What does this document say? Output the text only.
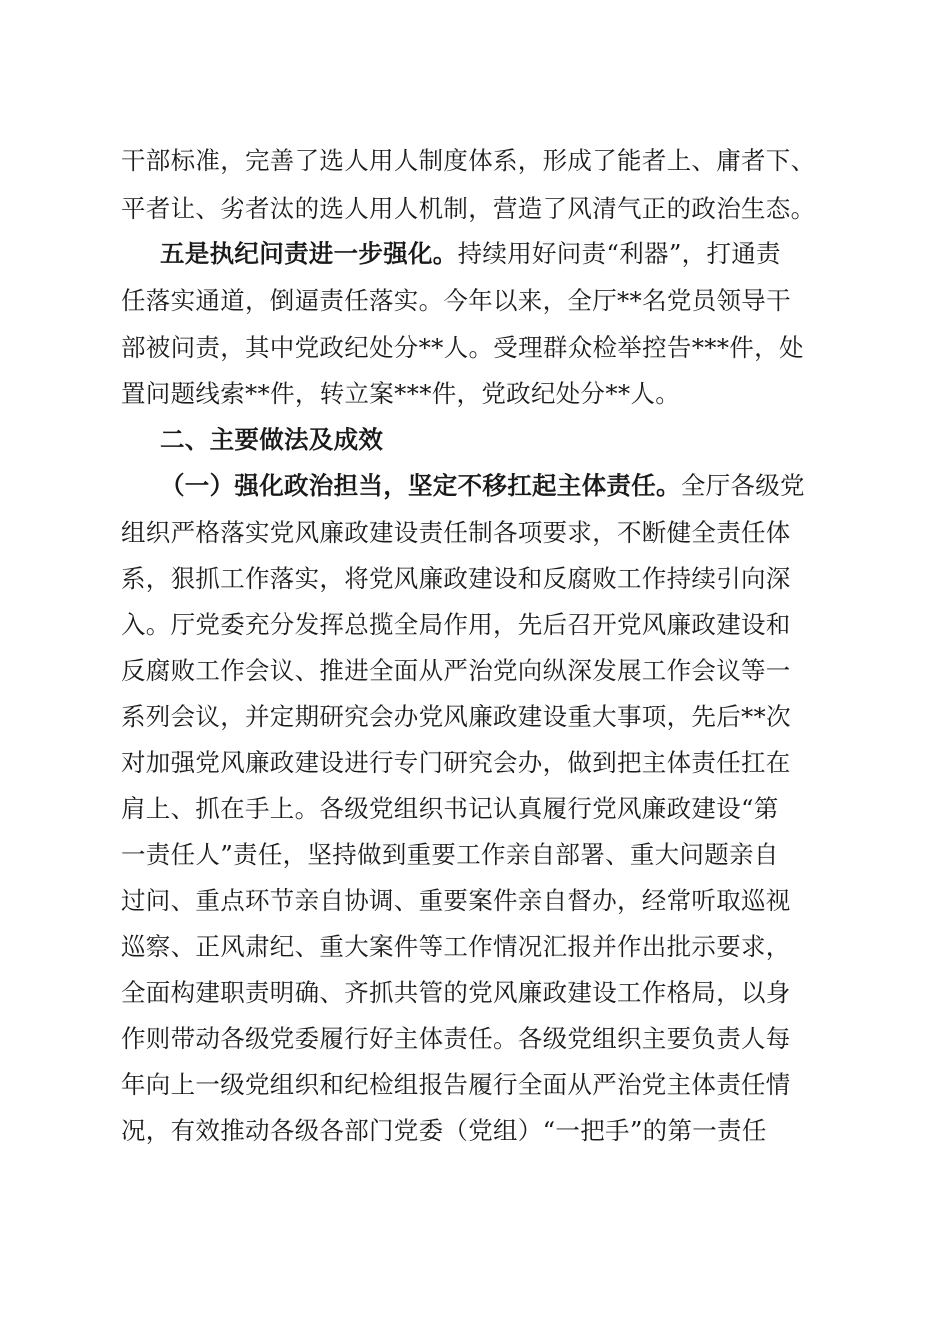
干部标准，完善了选人用人制度体系，形成了能者上、庸者下、
平者让、劣者汰的选人用人机制，营造了风清气正的政治生态。
五是执纪问责进一步强化。持续用好问责“利器”，打通责
任落实通道，倒逼责任落实。今年以来，全厅**名党员领导干
部被问责，其中党政纪处分**人。受理群众检举控告***件，处
置问题线索**件，转立案***件，党政纪处分**人。
二、主要做法及成效
（一）强化政治担当，坚定不移扛起主体责任。全厅各级党
组织严格落实党风廉政建设责任制各项要求，不断健全责任体
系，狠抓工作落实，将党风廉政建设和反腐败工作持续引向深
入。厅党委充分发挥总揽全局作用，先后召开党风廉政建设和
反腐败工作会议、推进全面从严治党向纵深发展工作会议等一
系列会议，并定期研究会办党风廉政建设重大事项，先后**次
对加强党风廉政建设进行专门研究会办，做到把主体责任扛在
肩上、抓在手上。各级党组织书记认真履行党风廉政建设“第
一责任人”责任，坚持做到重要工作亲自部署、重大问题亲自
过问、重点环节亲自协调、重要案件亲自督办，经常听取巡视
巡察、正风肃纪、重大案件等工作情况汇报并作出批示要求，
全面构建职责明确、齐抓共管的党风廉政建设工作格局，以身
作则带动各级党委履行好主体责任。各级党组织主要负责人每
年向上一级党组织和纪检组报告履行全面从严治党主体责任情
况，有效推动各级各部门党委（党组）“一把手”的第一责任
